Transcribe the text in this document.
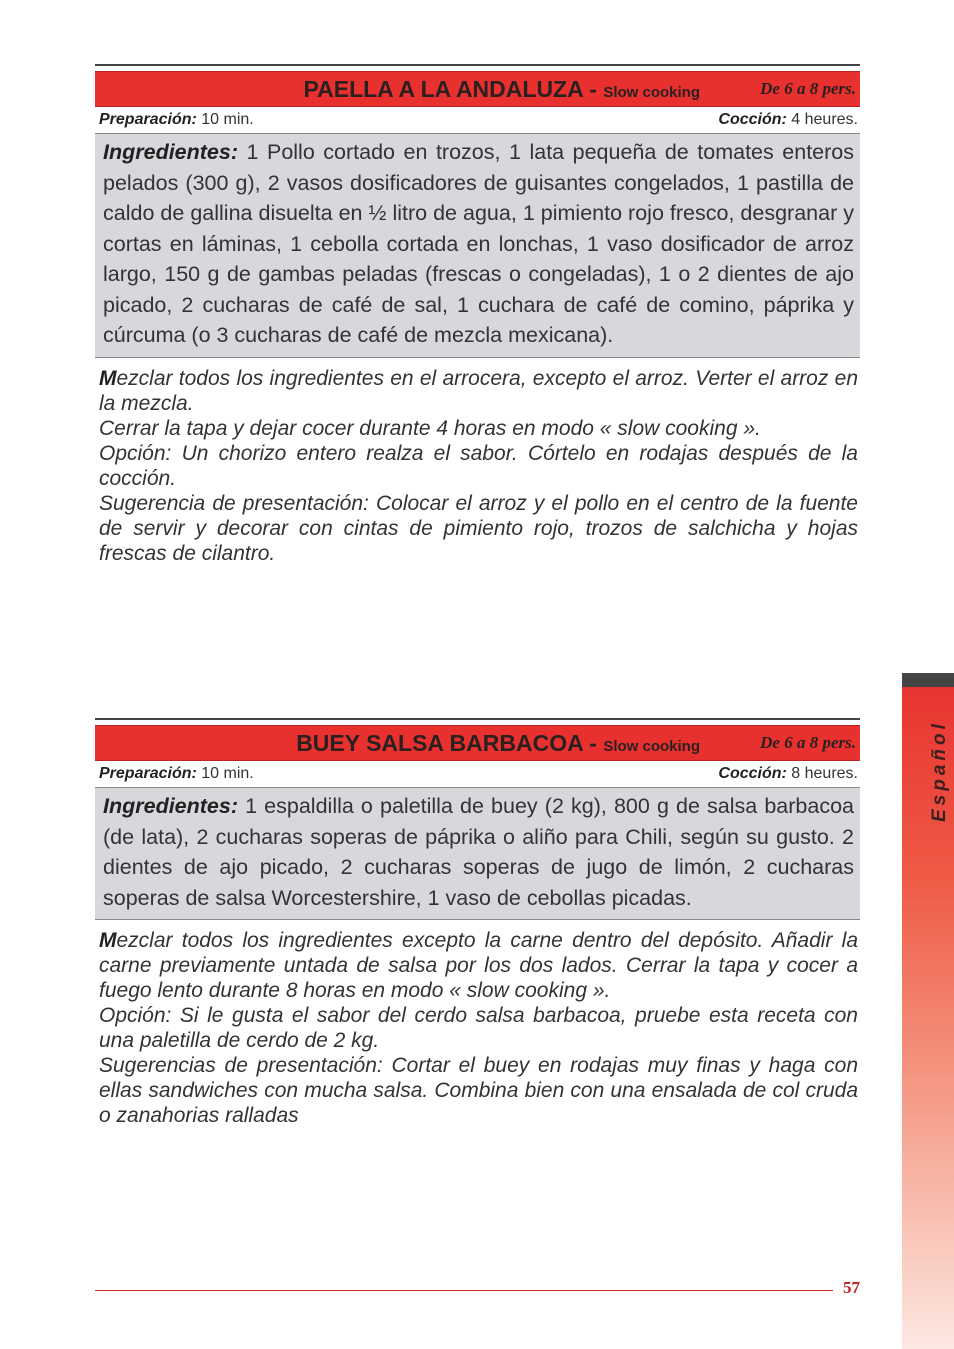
PAELLA A LA ANDALUZA - Slow cooking	De 6 a 8 pers.
Preparación: 10 min.	Cocción: 4 heures.
Ingredientes: 1 Pollo cortado en trozos, 1 lata pequeña de tomates enteros pelados (300 g), 2 vasos dosificadores de guisantes congelados, 1 pastilla de caldo de gallina disuelta en ½ litro de agua, 1 pimiento rojo fresco, desgranar y cortas en láminas, 1 cebolla cortada en lonchas, 1 vaso dosificador de arroz largo, 150 g de gambas peladas (frescas o congeladas), 1 o 2 dientes de ajo picado, 2 cucharas de café de sal, 1 cuchara de café de comino, páprika y cúrcuma (o 3 cucharas de café de mezcla mexicana).

Mezclar todos los ingredientes en el arrocera, excepto el arroz. Verter el arroz en la mezcla.

Cerrar la tapa y dejar cocer durante 4 horas en modo « slow cooking ».

Opción: Un chorizo entero realza el sabor. Córtelo en rodajas después de la cocción.

Sugerencia de presentación: Colocar el arroz y el pollo en el centro de la fuente de servir y decorar con cintas de pimiento rojo, trozos de salchicha y hojas frescas de cilantro.

BUEY SALSA BARBACOA - Slow cooking	De 6 a 8 pers.
Preparación: 10 min.	Cocción: 8 heures.
Ingredientes: 1 espaldilla o paletilla de buey (2 kg), 800 g de salsa barbacoa (de lata), 2 cucharas soperas de páprika o aliño para Chili, según su gusto. 2 dientes de ajo picado, 2 cucharas soperas de jugo de limón, 2 cucharas soperas de salsa Worcestershire, 1 vaso de cebollas picadas.

Mezclar todos los ingredientes excepto la carne dentro del depósito. Añadir la carne previamente untada de salsa por los dos lados. Cerrar la tapa y cocer a fuego lento durante 8 horas en modo « slow cooking ».

Opción: Si le gusta el sabor del cerdo salsa barbacoa, pruebe esta receta con una paletilla de cerdo de 2 kg.

Sugerencias de presentación: Cortar el buey en rodajas muy finas y haga con ellas sandwiches con mucha salsa. Combina bien con una ensalada de col cruda o zanahorias ralladas

Español
57
